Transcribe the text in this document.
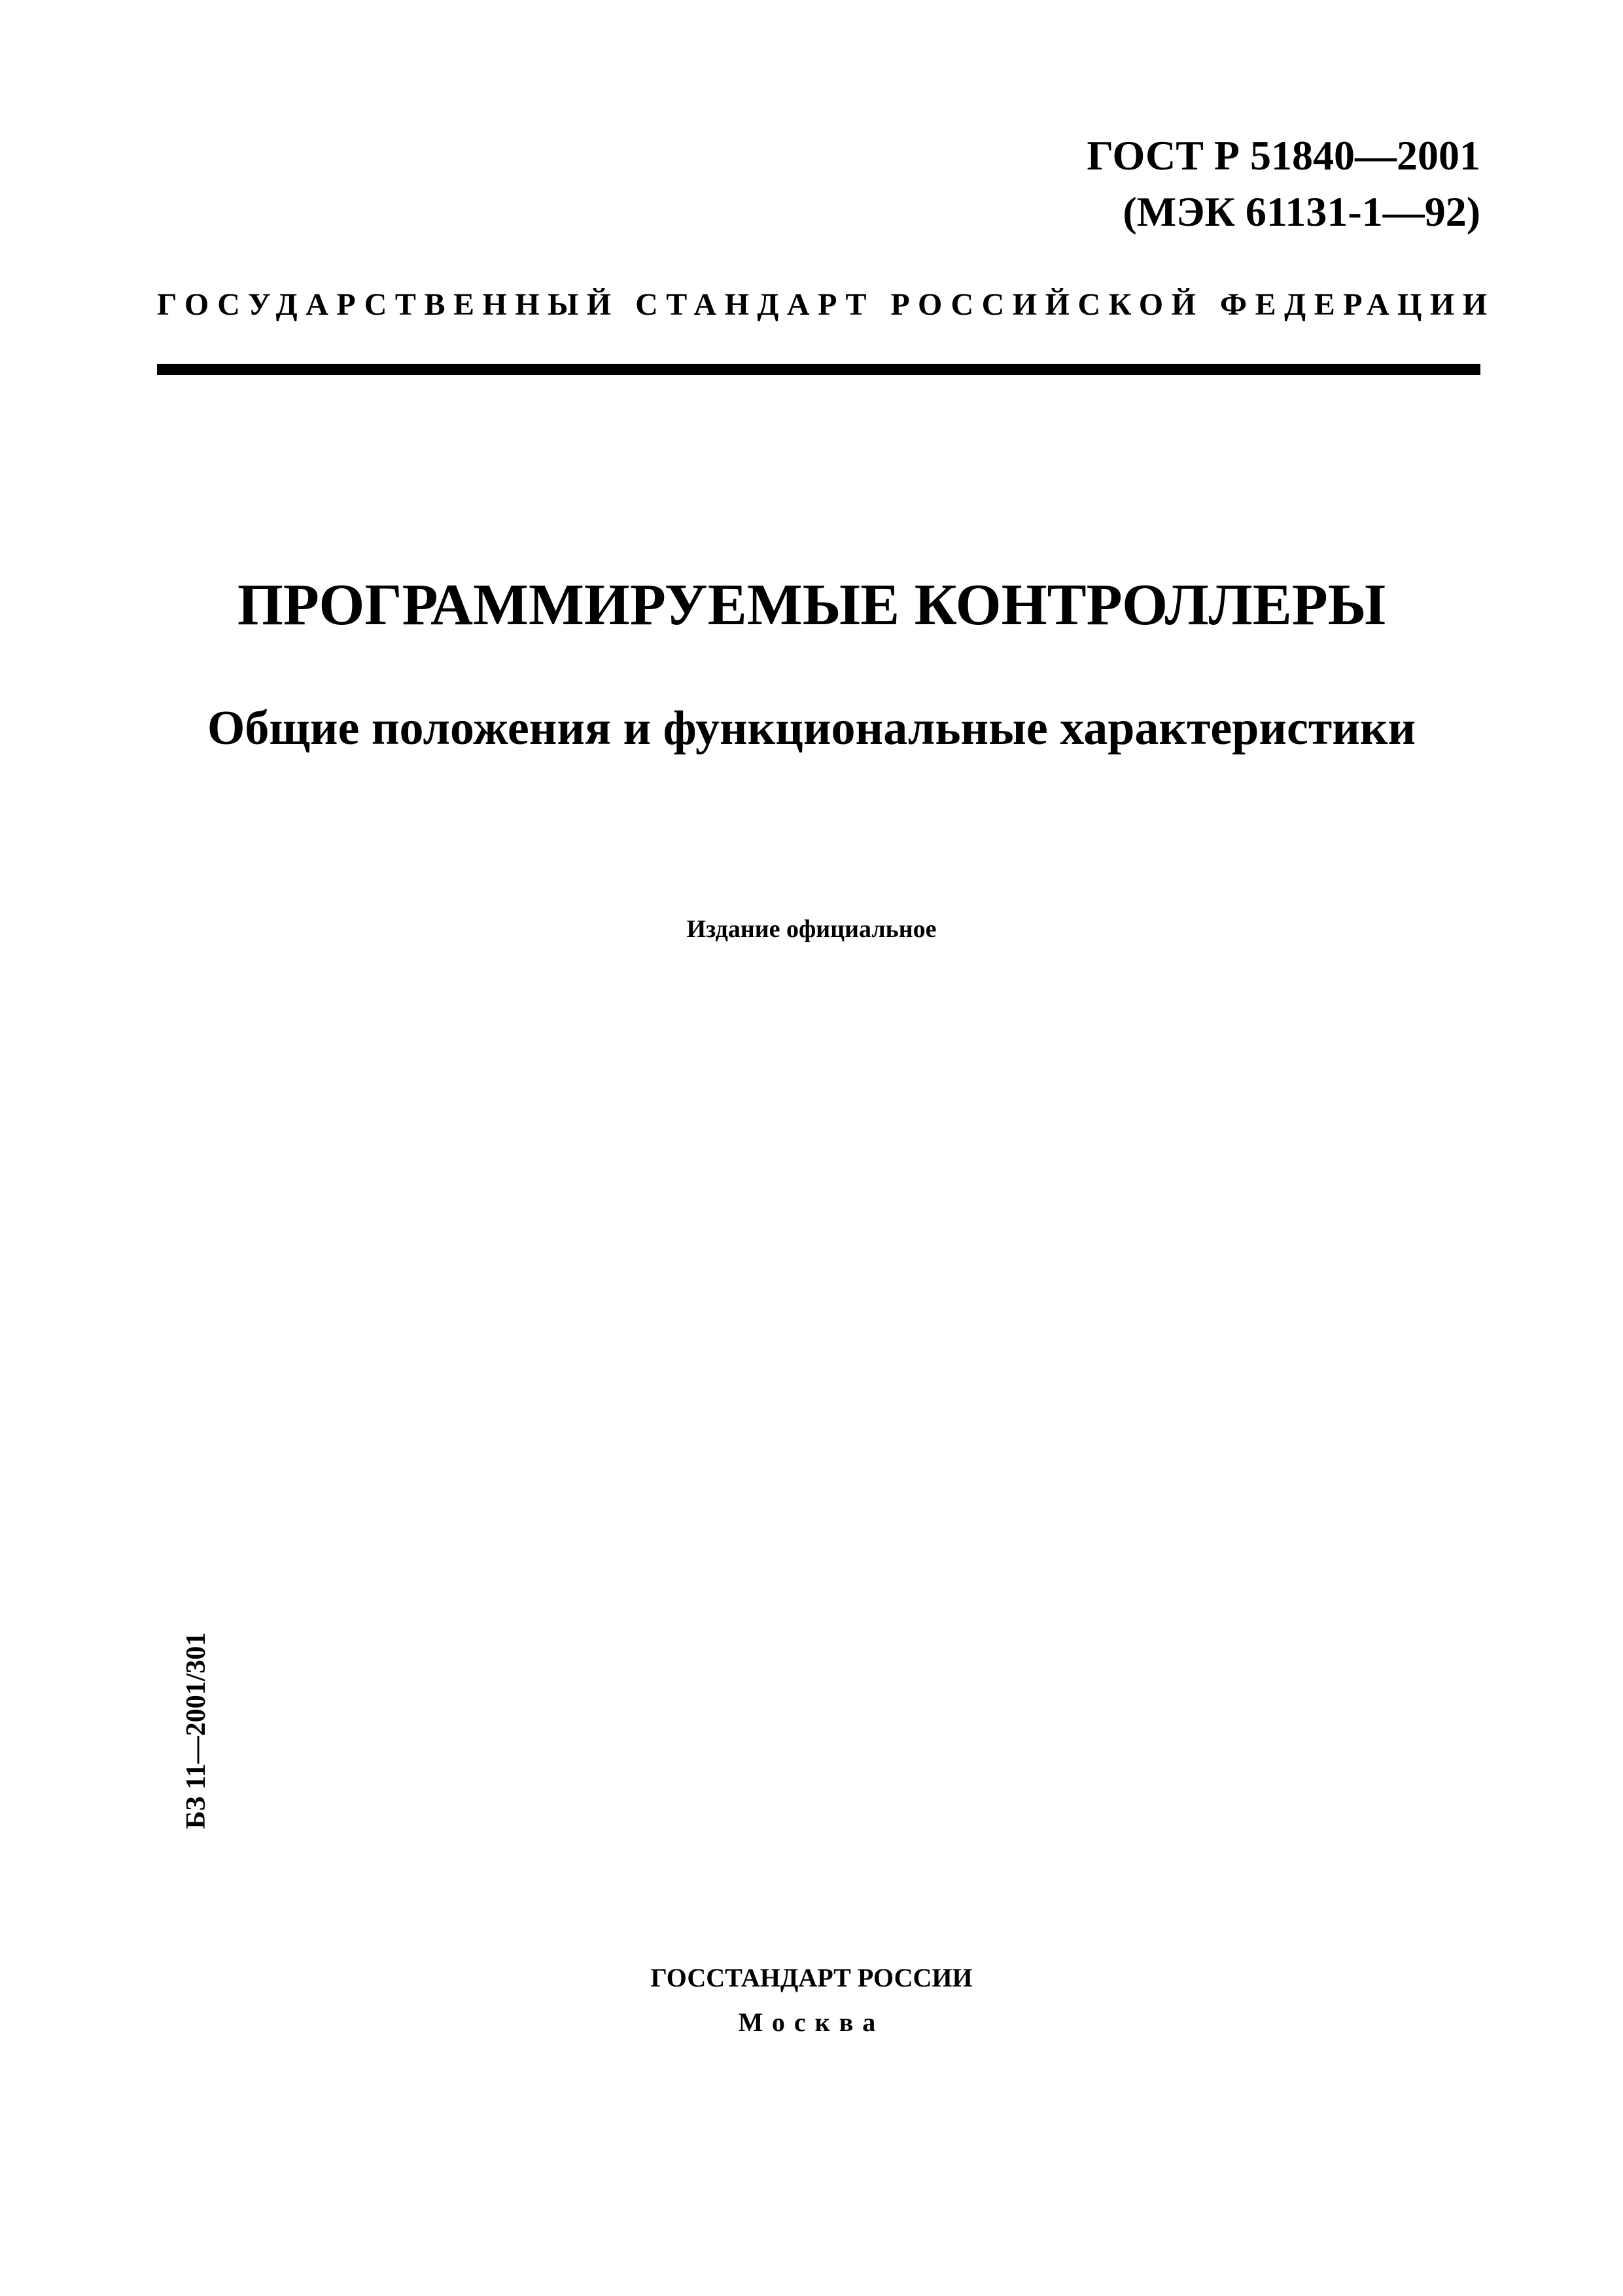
ГОСТ Р 51840—2001
(МЭК 61131-1—92)
ГОСУДАРСТВЕННЫЙ СТАНДАРТ РОССИЙСКОЙ ФЕДЕРАЦИИ
ПРОГРАММИРУЕМЫЕ КОНТРОЛЛЕРЫ
Общие положения и функциональные характеристики
Издание официальное
БЗ 11—2001/301
ГОССТАНДАРТ РОССИИ
Москва
